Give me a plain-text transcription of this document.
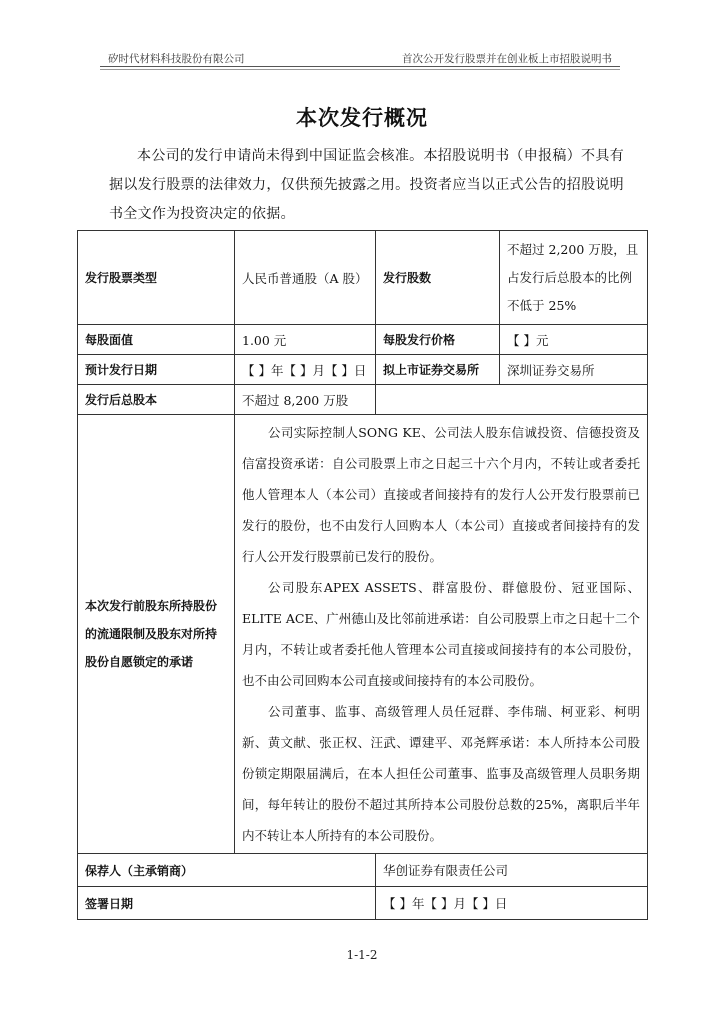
矽时代材料科技股份有限公司	首次公开发行股票并在创业板上市招股说明书
本次发行概况
本公司的发行申请尚未得到中国证监会核准。本招股说明书（申报稿）不具有据以发行股票的法律效力，仅供预先披露之用。投资者应当以正式公告的招股说明书全文作为投资决定的依据。
发行股票类型	人民币普通股（A 股）	发行股数	不超过 2,200 万股，且占发行后总股本的比例不低于 25%
每股面值	1.00 元	每股发行价格	【 】元
预计发行日期	【 】年【 】月【 】日	拟上市证券交易所	深圳证券交易所
发行后总股本	不超过 8,200 万股		
本次发行前股东所持股份的流通限制及股东对所持股份自愿锁定的承诺	公司实际控制人SONG KE、公司法人股东信诚投资、信德投资及信富投资承诺：自公司股票上市之日起三十六个月内，不转让或者委托他人管理本人（本公司）直接或者间接持有的发行人公开发行股票前已发行的股份，也不由发行人回购本人（本公司）直接或者间接持有的发行人公开发行股票前已发行的股份。

公司股东APEX ASSETS、群富股份、群億股份、冠亚国际、ELITE ACE、广州德山及比邻前进承诺：自公司股票上市之日起十二个月内，不转让或者委托他人管理本公司直接或间接持有的本公司股份，也不由公司回购本公司直接或间接持有的本公司股份。

公司董事、监事、高级管理人员任冠群、李伟瑞、柯亚彩、柯明新、黄文献、张正权、汪武、谭建平、邓尧辉承诺：本人所持本公司股份锁定期限届满后，在本人担任公司董事、监事及高级管理人员职务期间，每年转让的股份不超过其所持本公司股份总数的25%，离职后半年内不转让本人所持有的本公司股份。		

保荐人（主承销商）		华创证券有限责任公司	
签署日期		【 】年【 】月【 】日	
1-1-2
